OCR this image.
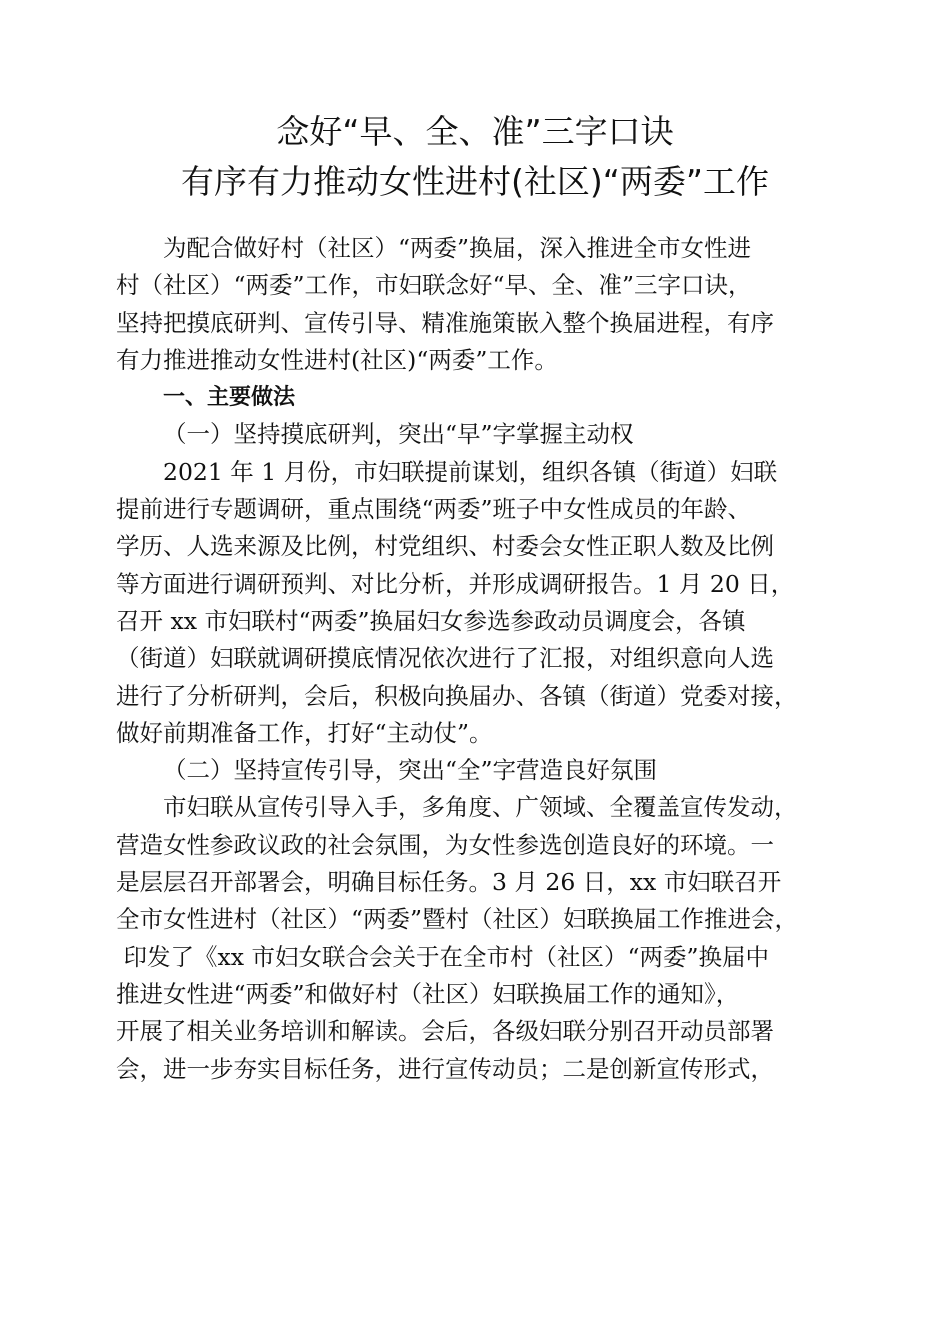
念好“早、全、准”三字口诀
有序有力推动女性进村(社区)“两委”工作
为配合做好村（社区）“两委”换届，深入推进全市女性进
村（社区）“两委”工作，市妇联念好“早、全、准”三字口诀，
坚持把摸底研判、宣传引导、精准施策嵌入整个换届进程，有序
有力推进推动女性进村(社区)“两委”工作。
一、主要做法
（一）坚持摸底研判，突出“早”字掌握主动权
2021 年 1 月份，市妇联提前谋划，组织各镇（街道）妇联
提前进行专题调研，重点围绕“两委”班子中女性成员的年龄、
学历、人选来源及比例，村党组织、村委会女性正职人数及比例
等方面进行调研预判、对比分析，并形成调研报告。1 月 20 日，
召开 xx 市妇联村“两委”换届妇女参选参政动员调度会，各镇
（街道）妇联就调研摸底情况依次进行了汇报，对组织意向人选
进行了分析研判，会后，积极向换届办、各镇（街道）党委对接，
做好前期准备工作，打好“主动仗”。
（二）坚持宣传引导，突出“全”字营造良好氛围
市妇联从宣传引导入手，多角度、广领域、全覆盖宣传发动，
营造女性参政议政的社会氛围，为女性参选创造良好的环境。一
是层层召开部署会，明确目标任务。3 月 26 日，xx 市妇联召开
全市女性进村（社区）“两委”暨村（社区）妇联换届工作推进会，
印发了《xx 市妇女联合会关于在全市村（社区）“两委”换届中
推进女性进“两委”和做好村（社区）妇联换届工作的通知》，
开展了相关业务培训和解读。会后，各级妇联分别召开动员部署
会，进一步夯实目标任务，进行宣传动员；二是创新宣传形式，
